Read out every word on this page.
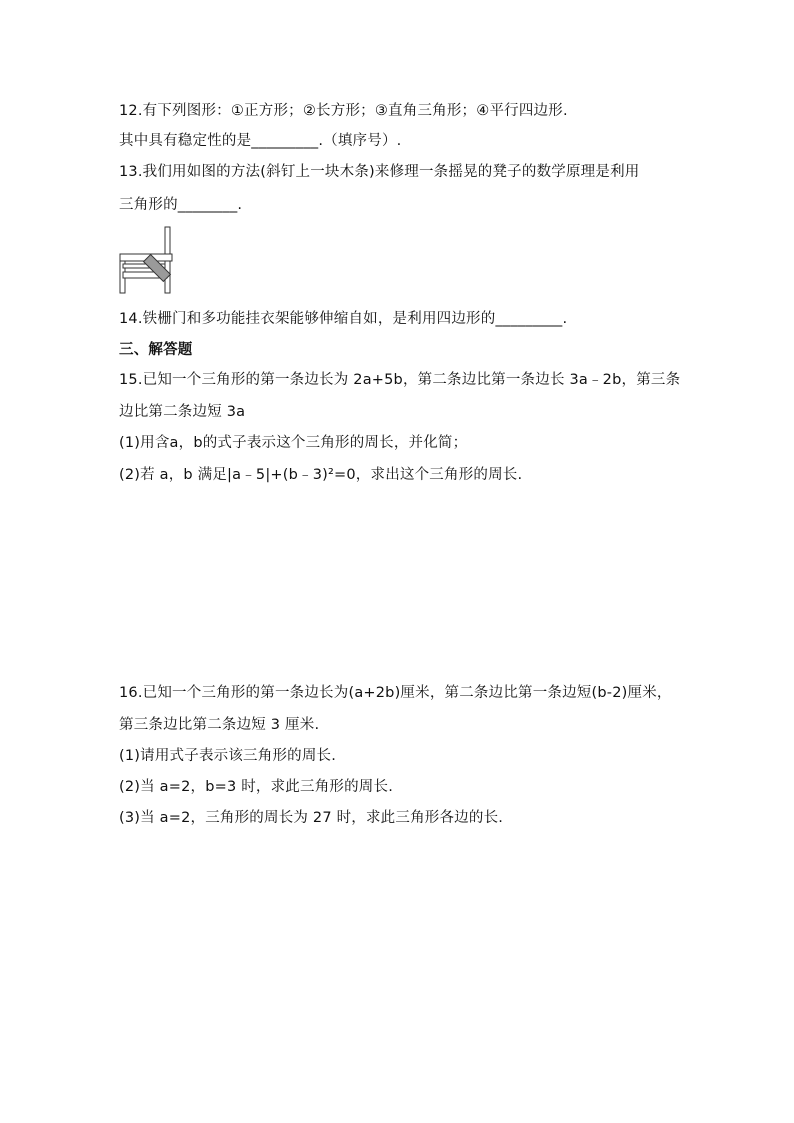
12.有下列图形：①正方形；②长方形；③直角三角形；④平行四边形.
其中具有稳定性的是_________.（填序号）.
13.我们用如图的方法(斜钉上一块木条)来修理一条摇晃的凳子的数学原理是利用
三角形的________.
14.铁栅门和多功能挂衣架能够伸缩自如，是利用四边形的_________.
三、解答题
15.已知一个三角形的第一条边长为 2a+5b，第二条边比第一条边长 3a﹣2b，第三条
边比第二条边短 3a
(1)用含a，b的式子表示这个三角形的周长，并化简；
(2)若 a，b 满足|a﹣5|+(b﹣3)²=0，求出这个三角形的周长.
16.已知一个三角形的第一条边长为(a+2b)厘米，第二条边比第一条边短(b-2)厘米，
第三条边比第二条边短 3 厘米.
(1)请用式子表示该三角形的周长.
(2)当 a=2，b=3 时，求此三角形的周长.
(3)当 a=2，三角形的周长为 27 时，求此三角形各边的长.
